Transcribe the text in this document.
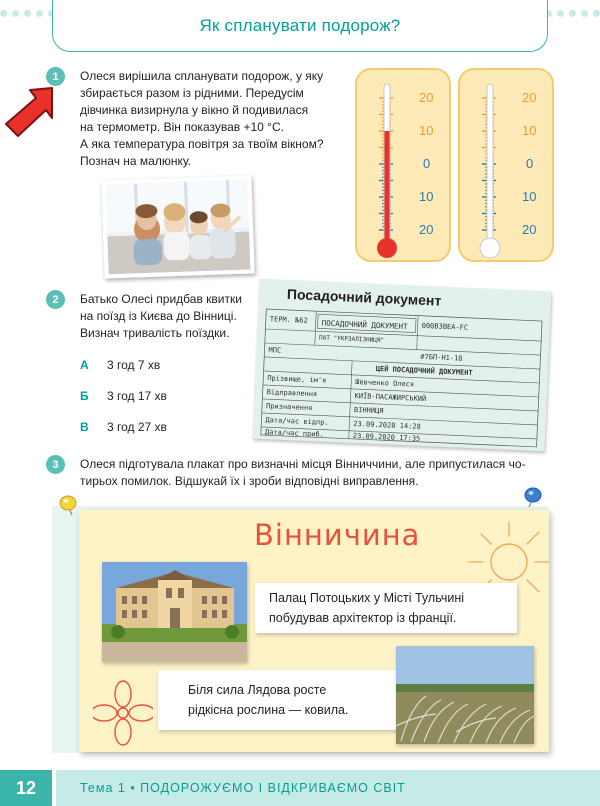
Як спланувати подорож?
1	Олеся вирішила спланувати подорож, у яку

збирається разом із рідними. Передусім

дівчинка визирнула у вікно й подивилася

на термометр. Він показував +10 °С.

А яка температура повітря за твоїм вікном?

Познач на малюнку.

20
10
0
10
20
20
10
0
10
20
2	Батько Олесі придбав квитки

на поїзд із Києва до Вінниці.

Визнач тривалість поїздки.

А 3 год 7 хв
Б 3 год 17 хв
В 3 год 27 хв
Посадочний документ
ТЕРМ. №62 ПОСАДОЧНИЙ ДОКУМЕНТ 000В3BEA-FC
ПАТ "УКРЗАЛІЗНИЦЯ"
МПС
#7БП-Н1-18
ЦЕЙ ПОСАДОЧНИЙ ДОКУМЕНТ
Прізвище, ім'я	Шевченко Олеся
Відправлення	КИЇВ-ПАСАЖИРСЬКИЙ
Призначення	ВІННИЦЯ
Дата/час відпр.	23.09.2020 14:28
Дата/час приб.	23.09.2020 17:35
3	Олеся підготувала плакат про визначні місця Вінниччини, але припустилася чо-

тирьох помилок. Відшукай їх і зроби відповідні виправлення.

Вінничина
Палац Потоцьких у Місті Тульчині
побудував архітектор із франції.
Біля сила Лядова росте
рідкісна рослина — ковила.
12	Тема 1 • ПОДОРОЖУЄМО І ВІДКРИВАЄМО СВІТ
